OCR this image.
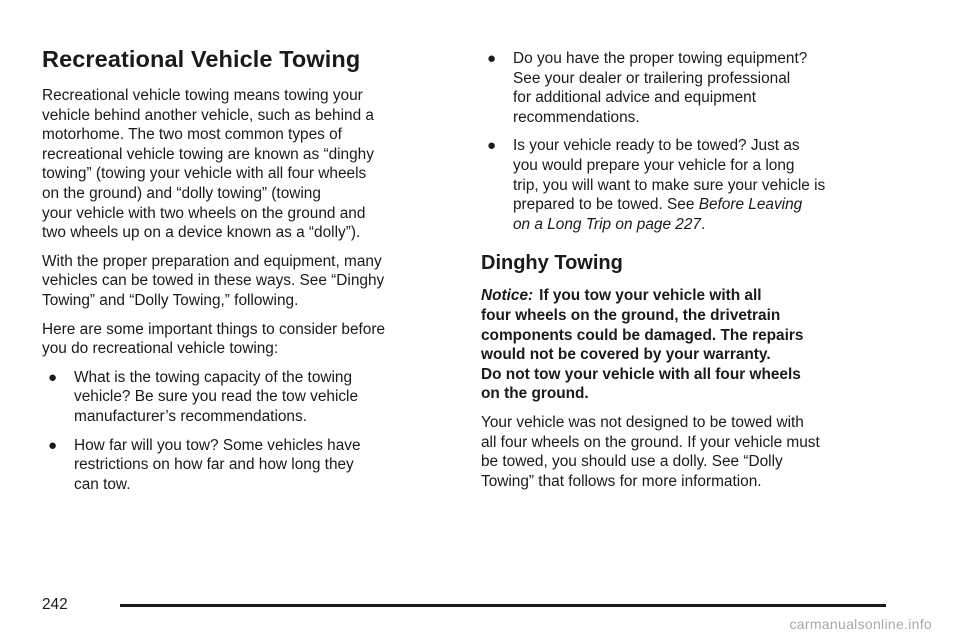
Recreational Vehicle Towing

Recreational vehicle towing means towing your
vehicle behind another vehicle, such as behind a
motorhome. The two most common types of
recreational vehicle towing are known as “dinghy
towing” (towing your vehicle with all four wheels
on the ground) and “dolly towing” (towing
your vehicle with two wheels on the ground and
two wheels up on a device known as a “dolly”).

With the proper preparation and equipment, many
vehicles can be towed in these ways. See “Dinghy
Towing” and “Dolly Towing,” following.

Here are some important things to consider before
you do recreational vehicle towing:

● What is the towing capacity of the towing
vehicle? Be sure you read the tow vehicle
manufacturer’s recommendations.
● How far will you tow? Some vehicles have
restrictions on how far and how long they
can tow.
● Do you have the proper towing equipment?
See your dealer or trailering professional
for additional advice and equipment
recommendations.
● Is your vehicle ready to be towed? Just as
you would prepare your vehicle for a long
trip, you will want to make sure your vehicle is
prepared to be towed. See Before Leaving
on a Long Trip on page 227.
Dinghy Towing

Notice: If you tow your vehicle with all
four wheels on the ground, the drivetrain
components could be damaged. The repairs
would not be covered by your warranty.
Do not tow your vehicle with all four wheels
on the ground.

Your vehicle was not designed to be towed with
all four wheels on the ground. If your vehicle must
be towed, you should use a dolly. See “Dolly
Towing” that follows for more information.

242
carmanualsonline.info
